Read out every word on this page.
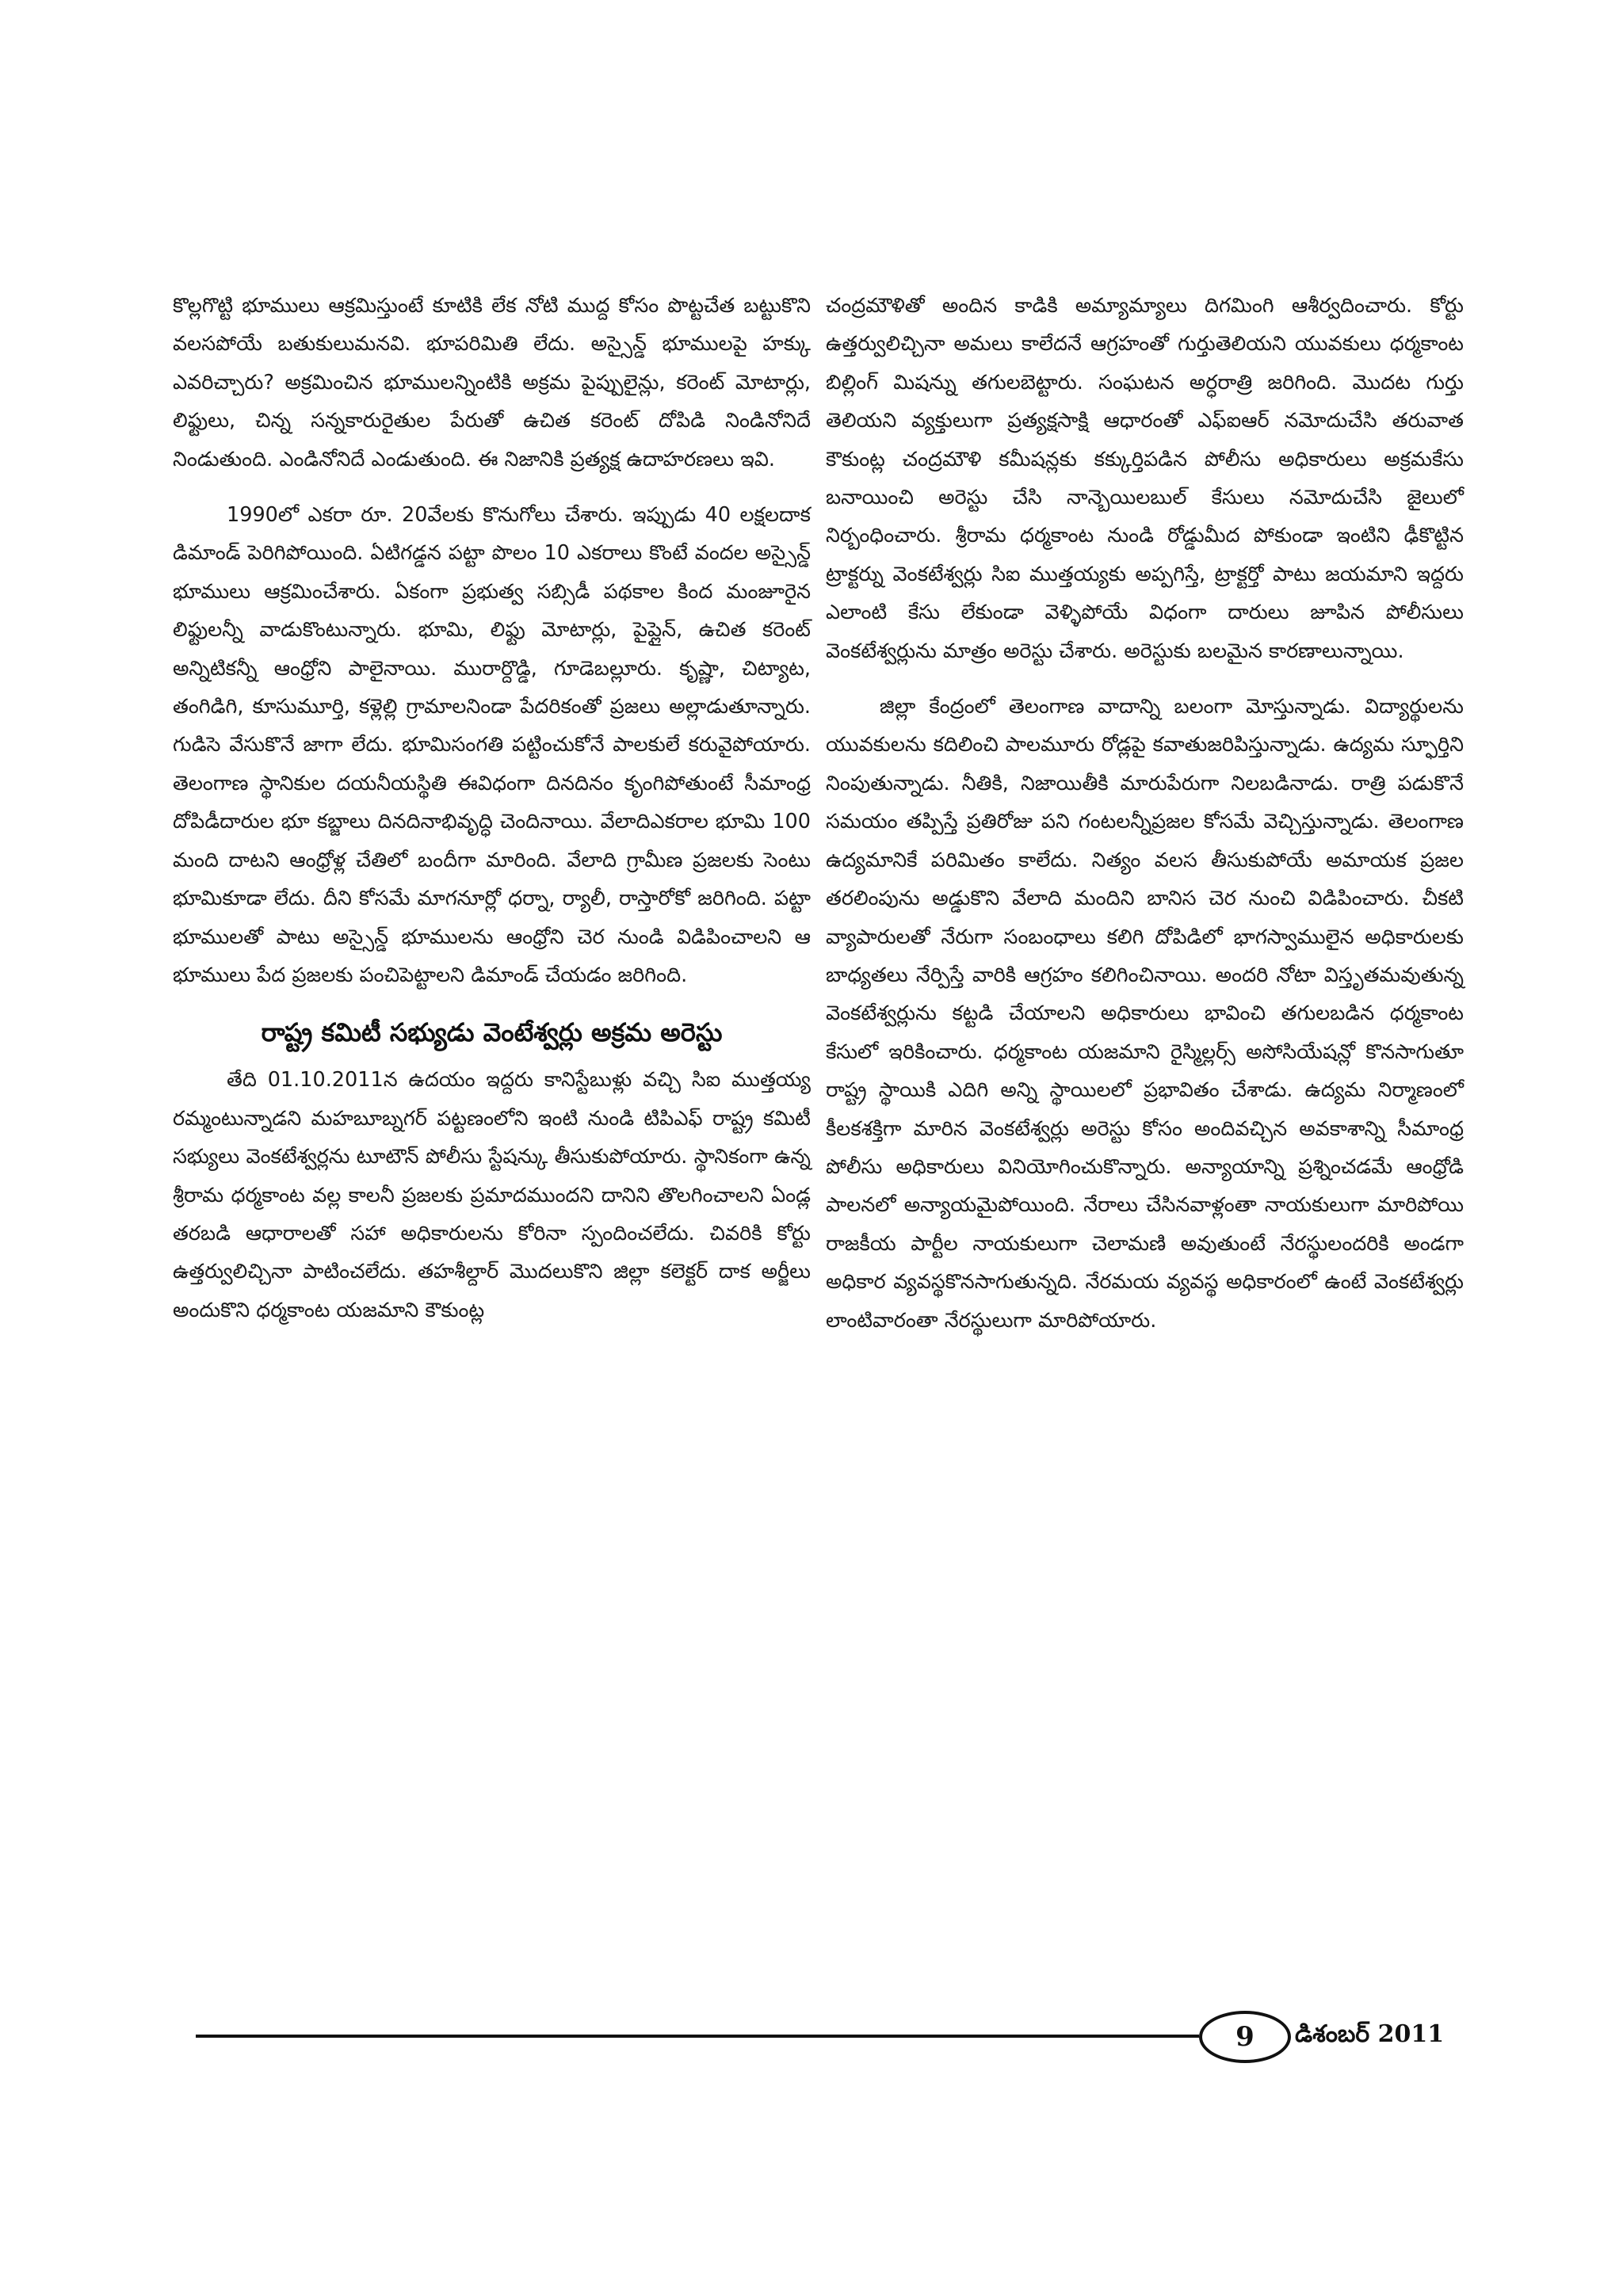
కొల్లగొట్టి భూములు ఆక్రమిస్తుంటే కూటికి లేక నోటి ముద్ద కోసం పొట్టచేత బట్టుకొని వలసపోయే బతుకులుమనవి. భూపరిమితి లేదు. అస్సైన్డ్ భూములపై హక్కు ఎవరిచ్చారు? అక్రమించిన భూములన్నింటికి అక్రమ పైప్పులైన్లు, కరెంట్ మోటార్లు, లిఫ్టులు, చిన్న సన్నకారురైతుల పేరుతో ఉచిత కరెంట్ దోపిడి నిండినోనిదే నిండుతుంది. ఎండినోనిదే ఎండుతుంది. ఈ నిజానికి ప్రత్యక్ష ఉదాహరణలు ఇవి.

1990లో ఎకరా రూ. 20వేలకు కొనుగోలు చేశారు. ఇప్పుడు 40 లక్షలదాక డిమాండ్ పెరిగిపోయింది. ఏటిగడ్డన పట్టా పొలం 10 ఎకరాలు కొంటే వందల అస్సైన్డ్ భూములు ఆక్రమించేశారు. ఏకంగా ప్రభుత్వ సబ్సిడీ పథకాల కింద మంజూరైన లిఫ్టులన్నీ వాడుకొంటున్నారు. భూమి, లిఫ్టు మోటార్లు, పైప్లైన్, ఉచిత కరెంట్ అన్నిటికన్నీ ఆంధ్రోని పాలైనాయి. మురార్దొడ్డి, గూడెబల్లూరు. కృష్ణా, చిట్యాట, తంగిడిగి, కూసుమూర్తి, కళ్లెల్లి గ్రామాలనిండా పేదరికంతో ప్రజలు అల్లాడుతూన్నారు. గుడిసె వేసుకొనే జాగా లేదు. భూమిసంగతి పట్టించుకోనే పాలకులే కరువైపోయారు. తెలంగాణ స్థానికుల దయనీయస్థితి ఈవిధంగా దినదినం కృంగిపోతుంటే సీమాంధ్ర దోపిడీదారుల భూ కబ్జాలు దినదినాభివృద్ధి చెందినాయి. వేలాదిఎకరాల భూమి 100 మంది దాటని ఆంధ్రోళ్ల చేతిలో బందీగా మారింది. వేలాది గ్రామీణ ప్రజలకు సెంటు భూమికూడా లేదు. దీని కోసమే మాగనూర్లో ధర్నా, ర్యాలీ, రాస్తారోకో జరిగింది. పట్టా భూములతో పాటు అస్సైన్డ్ భూములను ఆంధ్రోని చెర నుండి విడిపించాలని ఆ భూములు పేద ప్రజలకు పంచిపెట్టాలని డిమాండ్ చేయడం జరిగింది.

రాష్ట్ర కమిటీ సభ్యుడు వెంటేశ్వర్లు అక్రమ అరెస్టు

తేది 01.10.2011న ఉదయం ఇద్దరు కానిస్టేబుళ్లు వచ్చి సిఐ ముత్తయ్య రమ్మంటున్నాడని మహబూబ్నగర్ పట్టణంలోని ఇంటి నుండి టిపిఎఫ్ రాష్ట్ర కమిటీ సభ్యులు వెంకటేశ్వర్లను టూటౌన్ పోలీసు స్టేషన్కు తీసుకుపోయారు. స్థానికంగా ఉన్న శ్రీరామ ధర్మకాంట వల్ల కాలనీ ప్రజలకు ప్రమాదముందని దానిని తొలగించాలని ఏండ్ల తరబడి ఆధారాలతో సహా అధికారులను కోరినా స్పందించలేదు. చివరికి కోర్టు ఉత్తర్వులిచ్చినా పాటించలేదు. తహశీల్దార్ మొదలుకొని జిల్లా కలెక్టర్ దాక అర్జీలు అందుకొని ధర్మకాంట యజమాని కౌకుంట్ల

చంద్రమౌళితో అందిన కాడికి అమ్యామ్యాలు దిగమింగి ఆశీర్వదించారు. కోర్టు ఉత్తర్వులిచ్చినా అమలు కాలేదనే ఆగ్రహంతో గుర్తుతెలియని యువకులు ధర్మకాంట బిల్లింగ్ మిషన్ను తగులబెట్టారు. సంఘటన అర్ధరాత్రి జరిగింది. మొదట గుర్తు తెలియని వ్యక్తులుగా ప్రత్యక్షసాక్షి ఆధారంతో ఎఫ్ఐఆర్ నమోదుచేసి తరువాత కౌకుంట్ల చంద్రమౌళి కమీషన్లకు కక్కుర్తిపడిన పోలీసు అధికారులు అక్రమకేసు బనాయించి అరెస్టు చేసి నాన్బెయిలబుల్ కేసులు నమోదుచేసి జైలులో నిర్బంధించారు. శ్రీరామ ధర్మకాంట నుండి రోడ్డుమీద పోకుండా ఇంటిని ఢీకొట్టిన ట్రాక్టర్ను వెంకటేశ్వర్లు సిఐ ముత్తయ్యకు అప్పగిస్తే, ట్రాక్టర్తో పాటు జయమాని ఇద్దరు ఎలాంటి కేసు లేకుండా వెళ్ళిపోయే విధంగా దారులు జూపిన పోలీసులు వెంకటేశ్వర్లును మాత్రం అరెస్టు చేశారు. అరెస్టుకు బలమైన కారణాలున్నాయి.

జిల్లా కేంద్రంలో తెలంగాణ వాదాన్ని బలంగా మోస్తున్నాడు. విద్యార్థులను యువకులను కదిలించి పాలమూరు రోడ్లపై కవాతుజరిపిస్తున్నాడు. ఉద్యమ స్ఫూర్తిని నింపుతున్నాడు. నీతికి, నిజాయితీకి మారుపేరుగా నిలబడినాడు. రాత్రి పడుకొనే సమయం తప్పిస్తే ప్రతిరోజు పని గంటలన్నీప్రజల కోసమే వెచ్చిస్తున్నాడు. తెలంగాణ ఉద్యమానికే పరిమితం కాలేదు. నిత్యం వలస తీసుకుపోయే అమాయక ప్రజల తరలింపును అడ్డుకొని వేలాది మందిని బానిస చెర నుంచి విడిపించారు. చీకటి వ్యాపారులతో నేరుగా సంబంధాలు కలిగి దోపిడిలో భాగస్వాములైన అధికారులకు బాధ్యతలు నేర్పిస్తే వారికి ఆగ్రహం కలిగించినాయి. అందరి నోటా విస్తృతమవుతున్న వెంకటేశ్వర్లును కట్టడి చేయాలని అధికారులు భావించి తగులబడిన ధర్మకాంట కేసులో ఇరికించారు. ధర్మకాంట యజమాని రైస్మిల్లర్స్ అసోసియేషన్లో కొనసాగుతూ రాష్ట్ర స్థాయికి ఎదిగి అన్ని స్థాయిలలో ప్రభావితం చేశాడు. ఉద్యమ నిర్మాణంలో కీలకశక్తిగా మారిన వెంకటేశ్వర్లు అరెస్టు కోసం అందివచ్చిన అవకాశాన్ని సీమాంధ్ర పోలీసు అధికారులు వినియోగించుకొన్నారు. అన్యాయాన్ని ప్రశ్నించడమే ఆంధ్రోడి పాలనలో అన్యాయమైపోయింది. నేరాలు చేసినవాళ్లంతా నాయకులుగా మారిపోయి రాజకీయ పార్టీల నాయకులుగా చెలామణి అవుతుంటే నేరస్థులందరికి అండగా అధికార వ్యవస్థకొనసాగుతున్నది. నేరమయ వ్యవస్థ అధికారంలో ఉంటే వెంకటేశ్వర్లు లాంటివారంతా నేరస్థులుగా మారిపోయారు.

9	డిశంబర్ 2011
